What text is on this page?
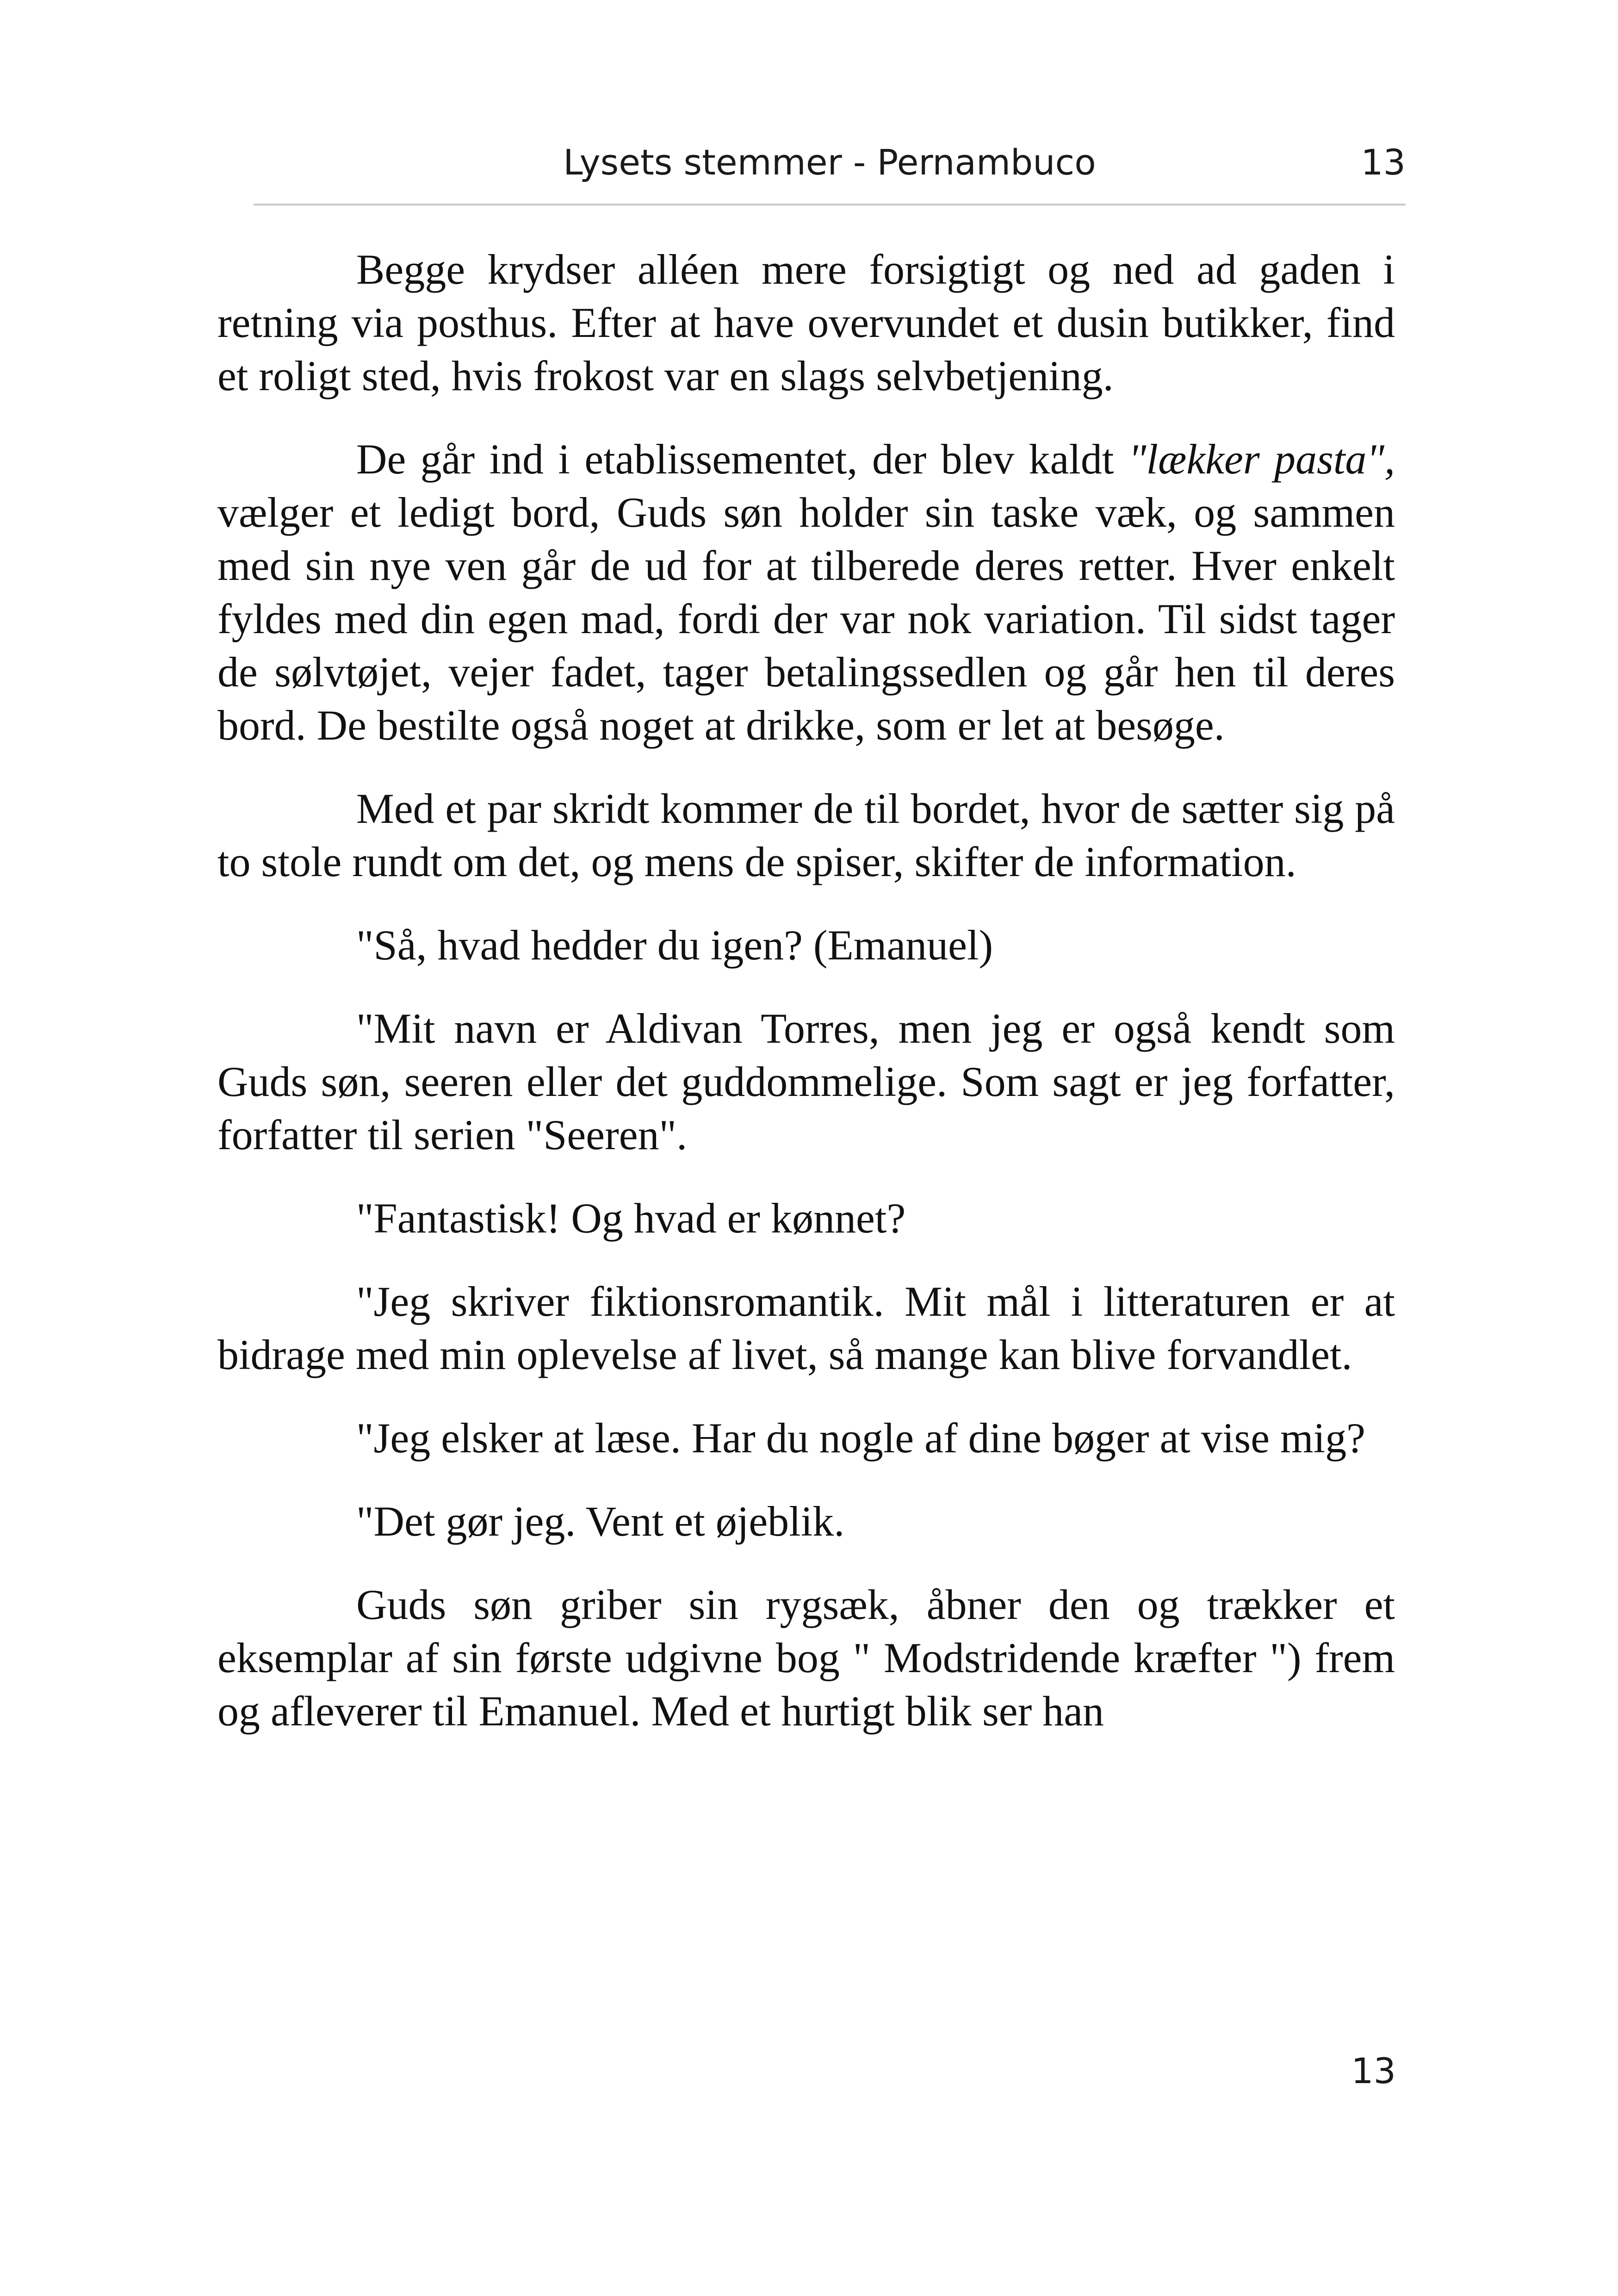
Lysets stemmer - Pernambuco	13

Begge krydser alléen mere forsigtigt og ned ad gaden i retning via posthus. Efter at have overvundet et dusin butikker, find et roligt sted, hvis frokost var en slags selvbetjening.

De går ind i etablissementet, der blev kaldt "lækker pasta", vælger et ledigt bord, Guds søn holder sin taske væk, og sammen med sin nye ven går de ud for at tilberede deres retter. Hver enkelt fyldes med din egen mad, fordi der var nok variation. Til sidst tager de sølvtøjet, vejer fadet, tager betalingssedlen og går hen til deres bord. De bestilte også noget at drikke, som er let at besøge.

Med et par skridt kommer de til bordet, hvor de sætter sig på to stole rundt om det, og mens de spiser, skifter de information.

"Så, hvad hedder du igen? (Emanuel)

"Mit navn er Aldivan Torres, men jeg er også kendt som Guds søn, seeren eller det guddommelige. Som sagt er jeg forfatter, forfatter til serien "Seeren".

"Fantastisk! Og hvad er kønnet?

"Jeg skriver fiktionsromantik. Mit mål i litteraturen er at bidrage med min oplevelse af livet, så mange kan blive forvandlet.

"Jeg elsker at læse. Har du nogle af dine bøger at vise mig?

"Det gør jeg. Vent et øjeblik.

Guds søn griber sin rygsæk, åbner den og trækker et eksemplar af sin første udgivne bog " Modstridende kræfter ") frem og afleverer til Emanuel. Med et hurtigt blik ser han

13
